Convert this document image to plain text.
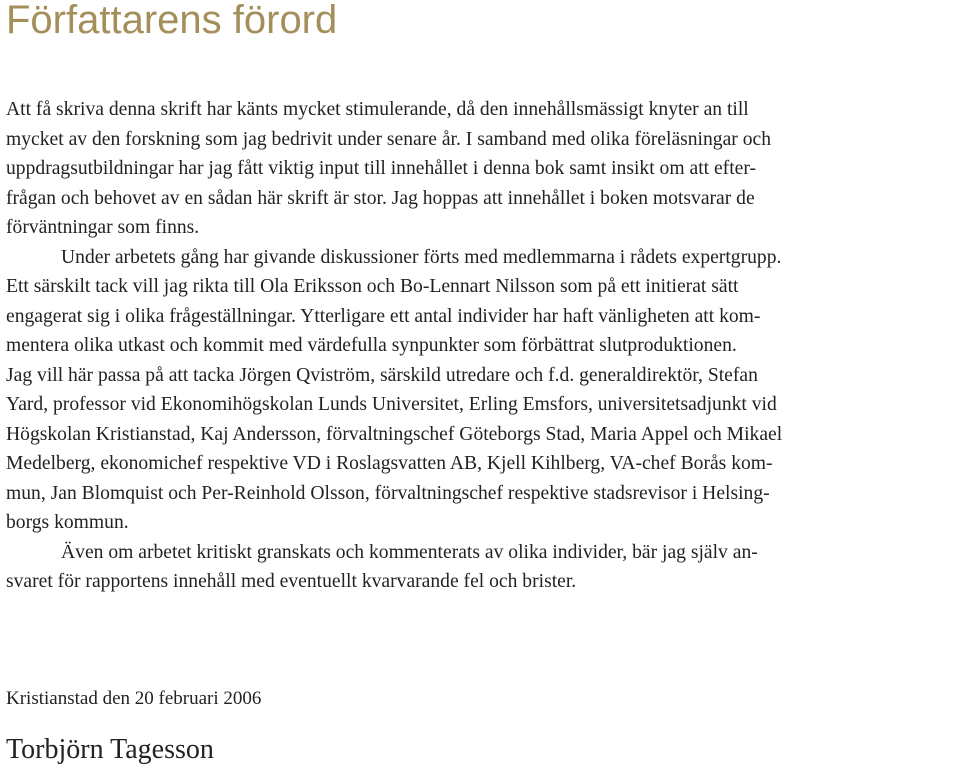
Författarens förord

Att få skriva denna skrift har känts mycket stimulerande, då den innehållsmässigt knyter an till
mycket av den forskning som jag bedrivit under senare år. I samband med olika föreläsningar och
uppdragsutbildningar har jag fått viktig input till innehållet i denna bok samt insikt om att efter-
frågan och behovet av en sådan här skrift är stor. Jag hoppas att innehållet i boken motsvarar de
förväntningar som finns.

Under arbetets gång har givande diskussioner förts med medlemmarna i rådets expertgrupp.
Ett särskilt tack vill jag rikta till Ola Eriksson och Bo-Lennart Nilsson som på ett initierat sätt
engagerat sig i olika frågeställningar. Ytterligare ett antal individer har haft vänligheten att kom-
mentera olika utkast och kommit med värdefulla synpunkter som förbättrat slutproduktionen.
Jag vill här passa på att tacka Jörgen Qviström, särskild utredare och f.d. generaldirektör, Stefan
Yard, professor vid Ekonomihögskolan Lunds Universitet, Erling Emsfors, universitetsadjunkt vid
Högskolan Kristianstad, Kaj Andersson, förvaltningschef Göteborgs Stad, Maria Appel och Mikael
Medelberg, ekonomichef respektive VD i Roslagsvatten AB, Kjell Kihlberg, VA-chef Borås kom-
mun, Jan Blomquist och Per-Reinhold Olsson, förvaltningschef respektive stadsrevisor i Helsing-
borgs kommun.

Även om arbetet kritiskt granskats och kommenterats av olika individer, bär jag själv an-
svaret för rapportens innehåll med eventuellt kvarvarande fel och brister.

Kristianstad den 20 februari 2006
Torbjörn Tagesson
